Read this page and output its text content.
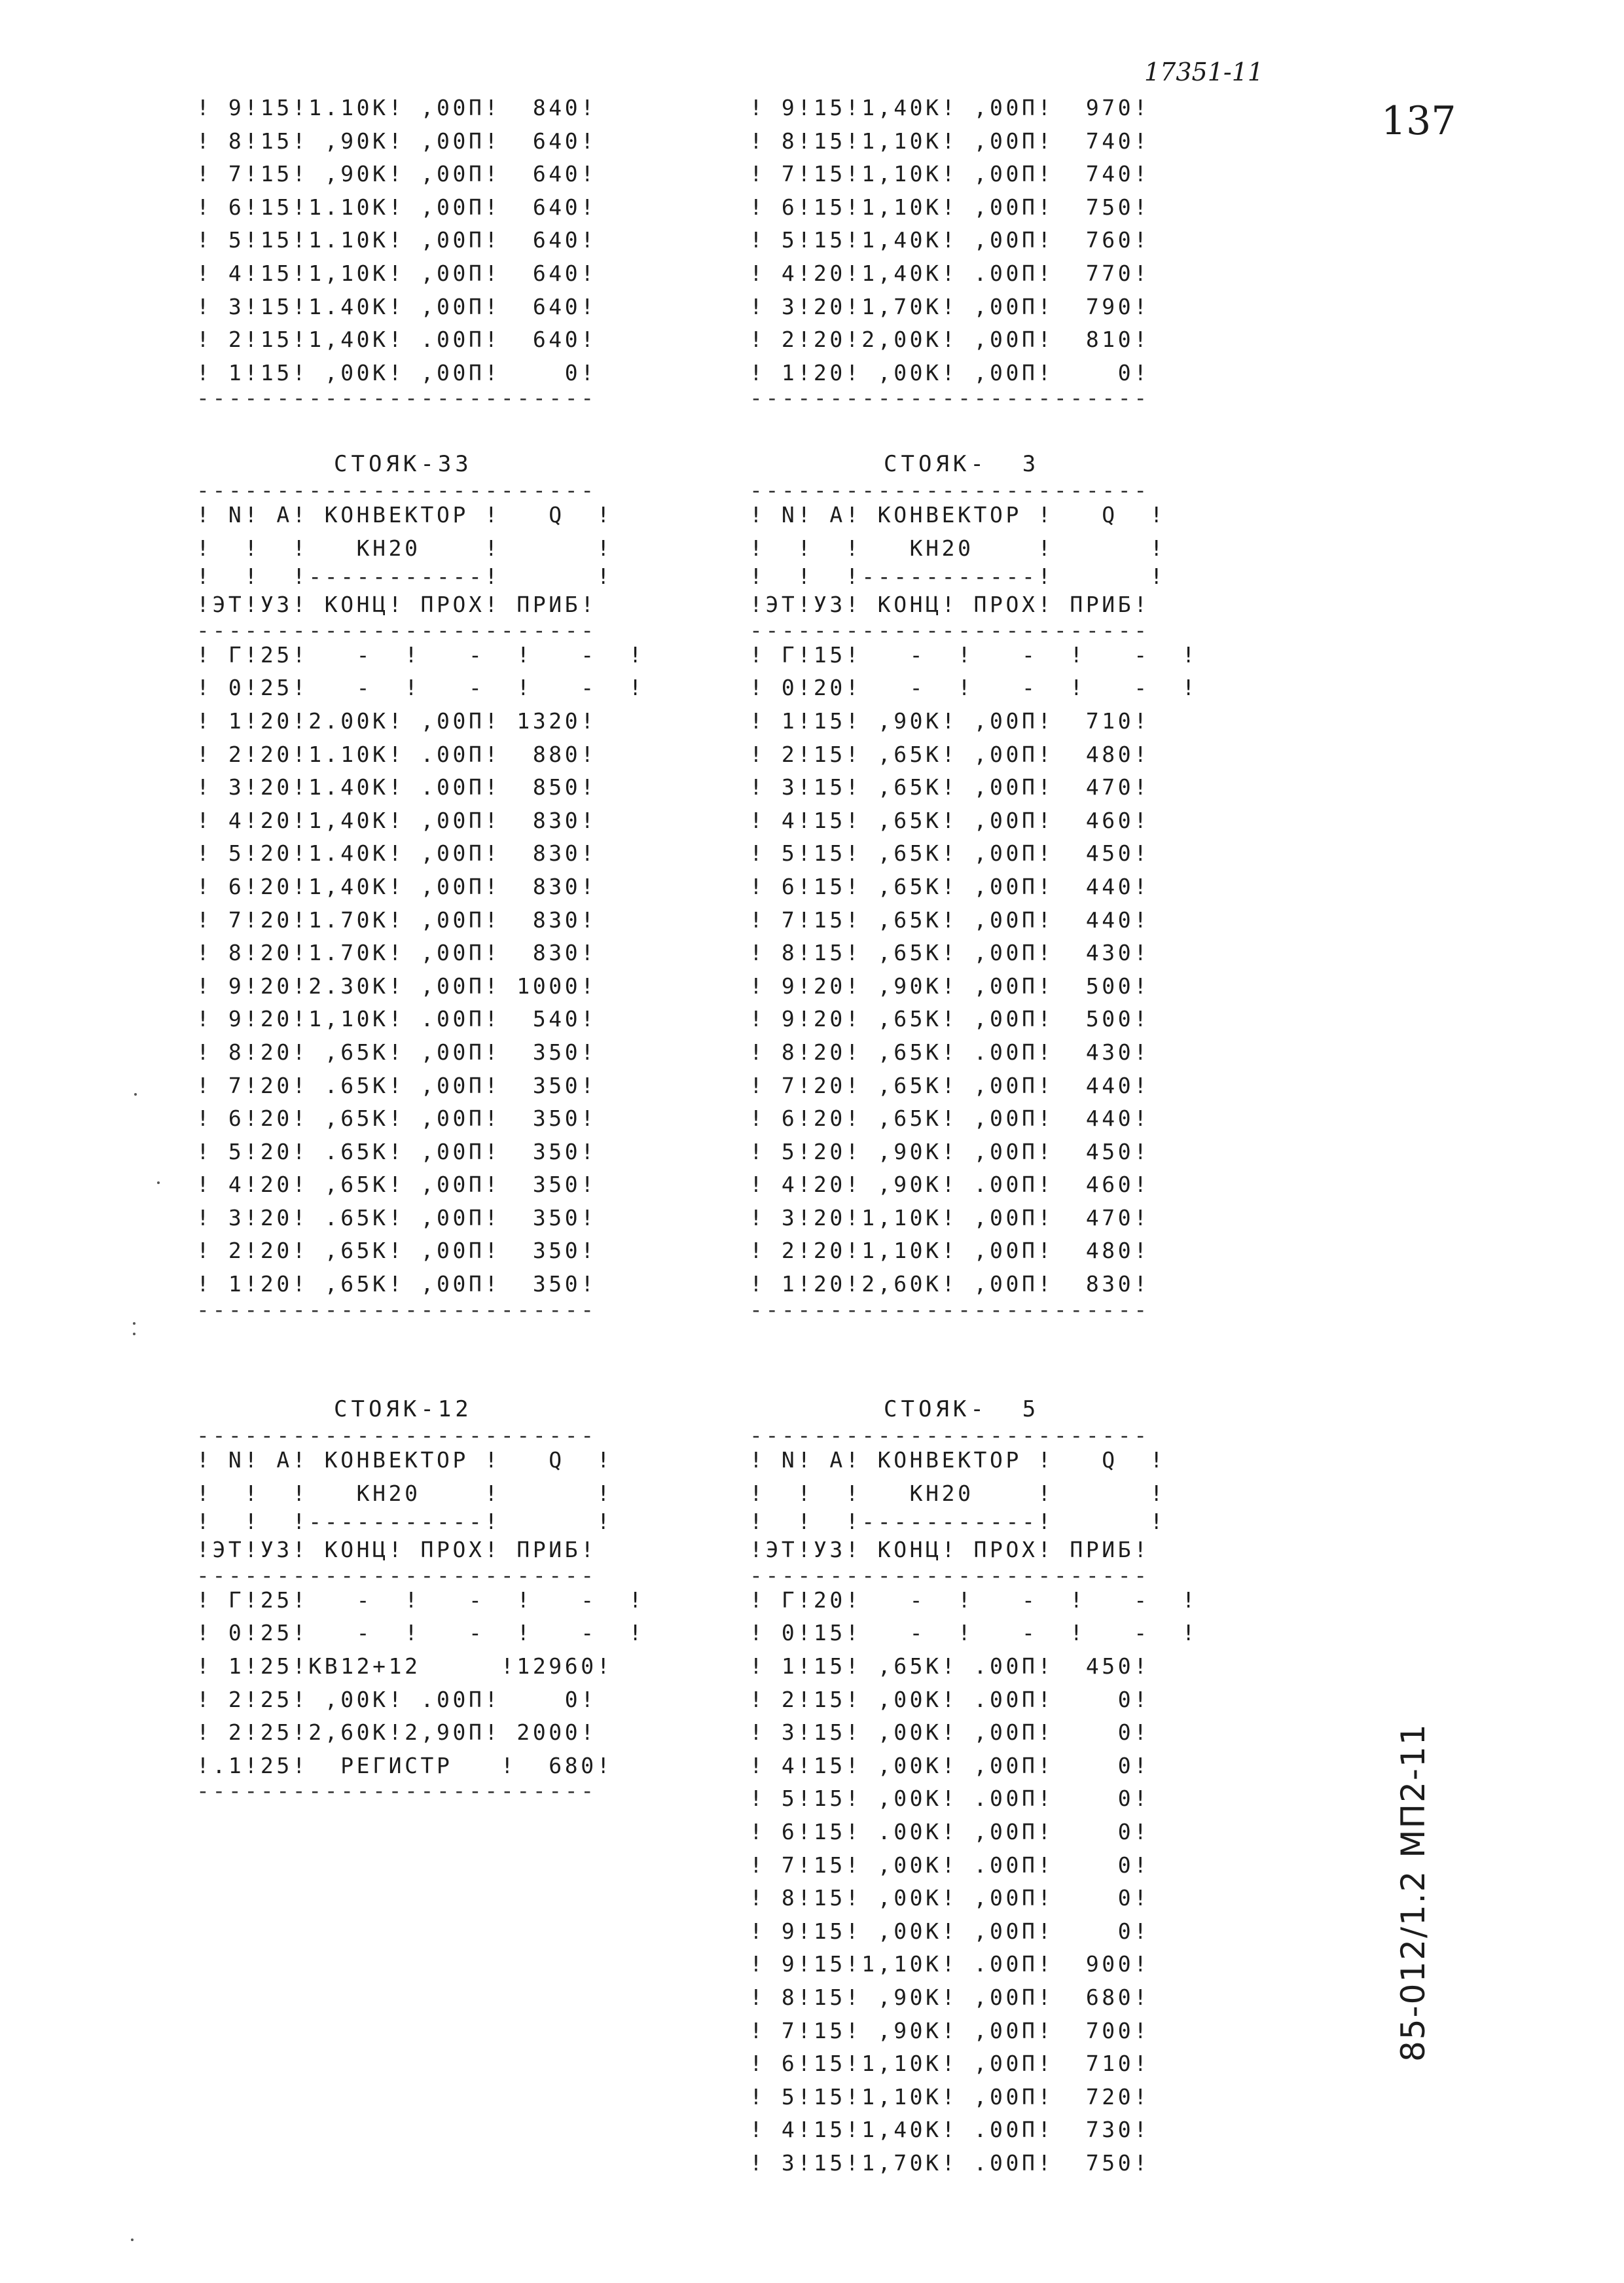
17351-11
137
85-012/1.2 МП2-11
! 9!15!1.10К! ,00П!  840!
! 8!15! ,90К! ,00П!  640!
! 7!15! ,90К! ,00П!  640!
! 6!15!1.10К! ,00П!  640!
! 5!15!1.10К! ,00П!  640!
! 4!15!1,10К! ,00П!  640!
! 3!15!1.40К! ,00П!  640!
! 2!15!1,40К! .00П!  640!
! 1!15! ,00К! ,00П!    0!
-------------------------
! 9!15!1,40К! ,00П!  970!
! 8!15!1,10К! ,00П!  740!
! 7!15!1,10К! ,00П!  740!
! 6!15!1,10К! ,00П!  750!
! 5!15!1,40К! ,00П!  760!
! 4!20!1,40К! .00П!  770!
! 3!20!1,70К! ,00П!  790!
! 2!20!2,00К! ,00П!  810!
! 1!20! ,00К! ,00П!    0!
-------------------------
СТОЯК-33
-------------------------
! N! А! КОНВЕКТОР !   Q  !
!  !  !   КН20    !      !
!  !  !-----------!      !
!ЭТ!УЗ! КОНЦ! ПРОХ! ПРИБ!
-------------------------
! Г!25!   -  !   -  !   -  !
! 0!25!   -  !   -  !   -  !
! 1!20!2.00К! ,00П! 1320!
! 2!20!1.10К! .00П!  880!
! 3!20!1.40К! .00П!  850!
! 4!20!1,40К! ,00П!  830!
! 5!20!1.40К! ,00П!  830!
! 6!20!1,40К! ,00П!  830!
! 7!20!1.70К! ,00П!  830!
! 8!20!1.70К! ,00П!  830!
! 9!20!2.30К! ,00П! 1000!
! 9!20!1,10К! .00П!  540!
! 8!20! ,65К! ,00П!  350!
! 7!20! .65К! ,00П!  350!
! 6!20! ,65К! ,00П!  350!
! 5!20! .65К! ,00П!  350!
! 4!20! ,65К! ,00П!  350!
! 3!20! .65К! ,00П!  350!
! 2!20! ,65К! ,00П!  350!
! 1!20! ,65К! ,00П!  350!
-------------------------
СТОЯК-  3
-------------------------
! N! А! КОНВЕКТОР !   Q  !
!  !  !   КН20    !      !
!  !  !-----------!      !
!ЭТ!УЗ! КОНЦ! ПРОХ! ПРИБ!
-------------------------
! Г!15!   -  !   -  !   -  !
! 0!20!   -  !   -  !   -  !
! 1!15! ,90К! ,00П!  710!
! 2!15! ,65К! ,00П!  480!
! 3!15! ,65К! ,00П!  470!
! 4!15! ,65К! ,00П!  460!
! 5!15! ,65К! ,00П!  450!
! 6!15! ,65К! ,00П!  440!
! 7!15! ,65К! ,00П!  440!
! 8!15! ,65К! ,00П!  430!
! 9!20! ,90К! ,00П!  500!
! 9!20! ,65К! ,00П!  500!
! 8!20! ,65К! .00П!  430!
! 7!20! ,65К! ,00П!  440!
! 6!20! ,65К! ,00П!  440!
! 5!20! ,90К! ,00П!  450!
! 4!20! ,90К! .00П!  460!
! 3!20!1,10К! ,00П!  470!
! 2!20!1,10К! ,00П!  480!
! 1!20!2,60К! ,00П!  830!
-------------------------
СТОЯК-12
-------------------------
! N! А! КОНВЕКТОР !   Q  !
!  !  !   КН20    !      !
!  !  !-----------!      !
!ЭТ!УЗ! КОНЦ! ПРОХ! ПРИБ!
-------------------------
! Г!25!   -  !   -  !   -  !
! 0!25!   -  !   -  !   -  !
! 1!25!КВ12+12     !12960!
! 2!25! ,00К! .00П!    0!
! 2!25!2,60К!2,90П! 2000!
!.1!25!  РЕГИСТР   !  680!
-------------------------
СТОЯК-  5
-------------------------
! N! А! КОНВЕКТОР !   Q  !
!  !  !   КН20    !      !
!  !  !-----------!      !
!ЭТ!УЗ! КОНЦ! ПРОХ! ПРИБ!
-------------------------
! Г!20!   -  !   -  !   -  !
! 0!15!   -  !   -  !   -  !
! 1!15! ,65К! .00П!  450!
! 2!15! ,00К! .00П!    0!
! 3!15! ,00К! ,00П!    0!
! 4!15! ,00К! ,00П!    0!
! 5!15! ,00К! .00П!    0!
! 6!15! .00К! ,00П!    0!
! 7!15! ,00К! .00П!    0!
! 8!15! ,00К! ,00П!    0!
! 9!15! ,00К! ,00П!    0!
! 9!15!1,10К! .00П!  900!
! 8!15! ,90К! ,00П!  680!
! 7!15! ,90К! ,00П!  700!
! 6!15!1,10К! ,00П!  710!
! 5!15!1,10К! ,00П!  720!
! 4!15!1,40К! .00П!  730!
! 3!15!1,70К! .00П!  750!
